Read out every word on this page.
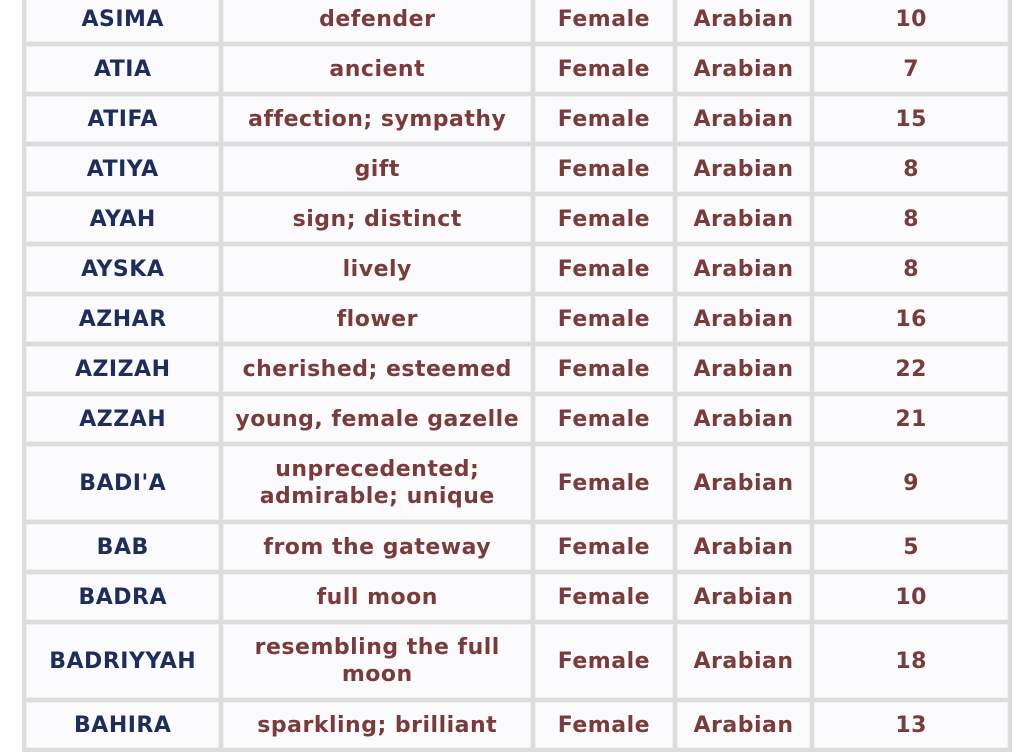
ASIMA	defender	Female	Arabian	10
ATIA	ancient	Female	Arabian	7
ATIFA	affection; sympathy	Female	Arabian	15
ATIYA	gift	Female	Arabian	8
AYAH	sign; distinct	Female	Arabian	8
AYSKA	lively	Female	Arabian	8
AZHAR	flower	Female	Arabian	16
AZIZAH	cherished; esteemed	Female	Arabian	22
AZZAH	young, female gazelle	Female	Arabian	21
BADI'A	unprecedented; admirable; unique	Female	Arabian	9
BAB	from the gateway	Female	Arabian	5
BADRA	full moon	Female	Arabian	10
BADRIYYAH	resembling the full moon	Female	Arabian	18
BAHIRA	sparkling; brilliant	Female	Arabian	13
